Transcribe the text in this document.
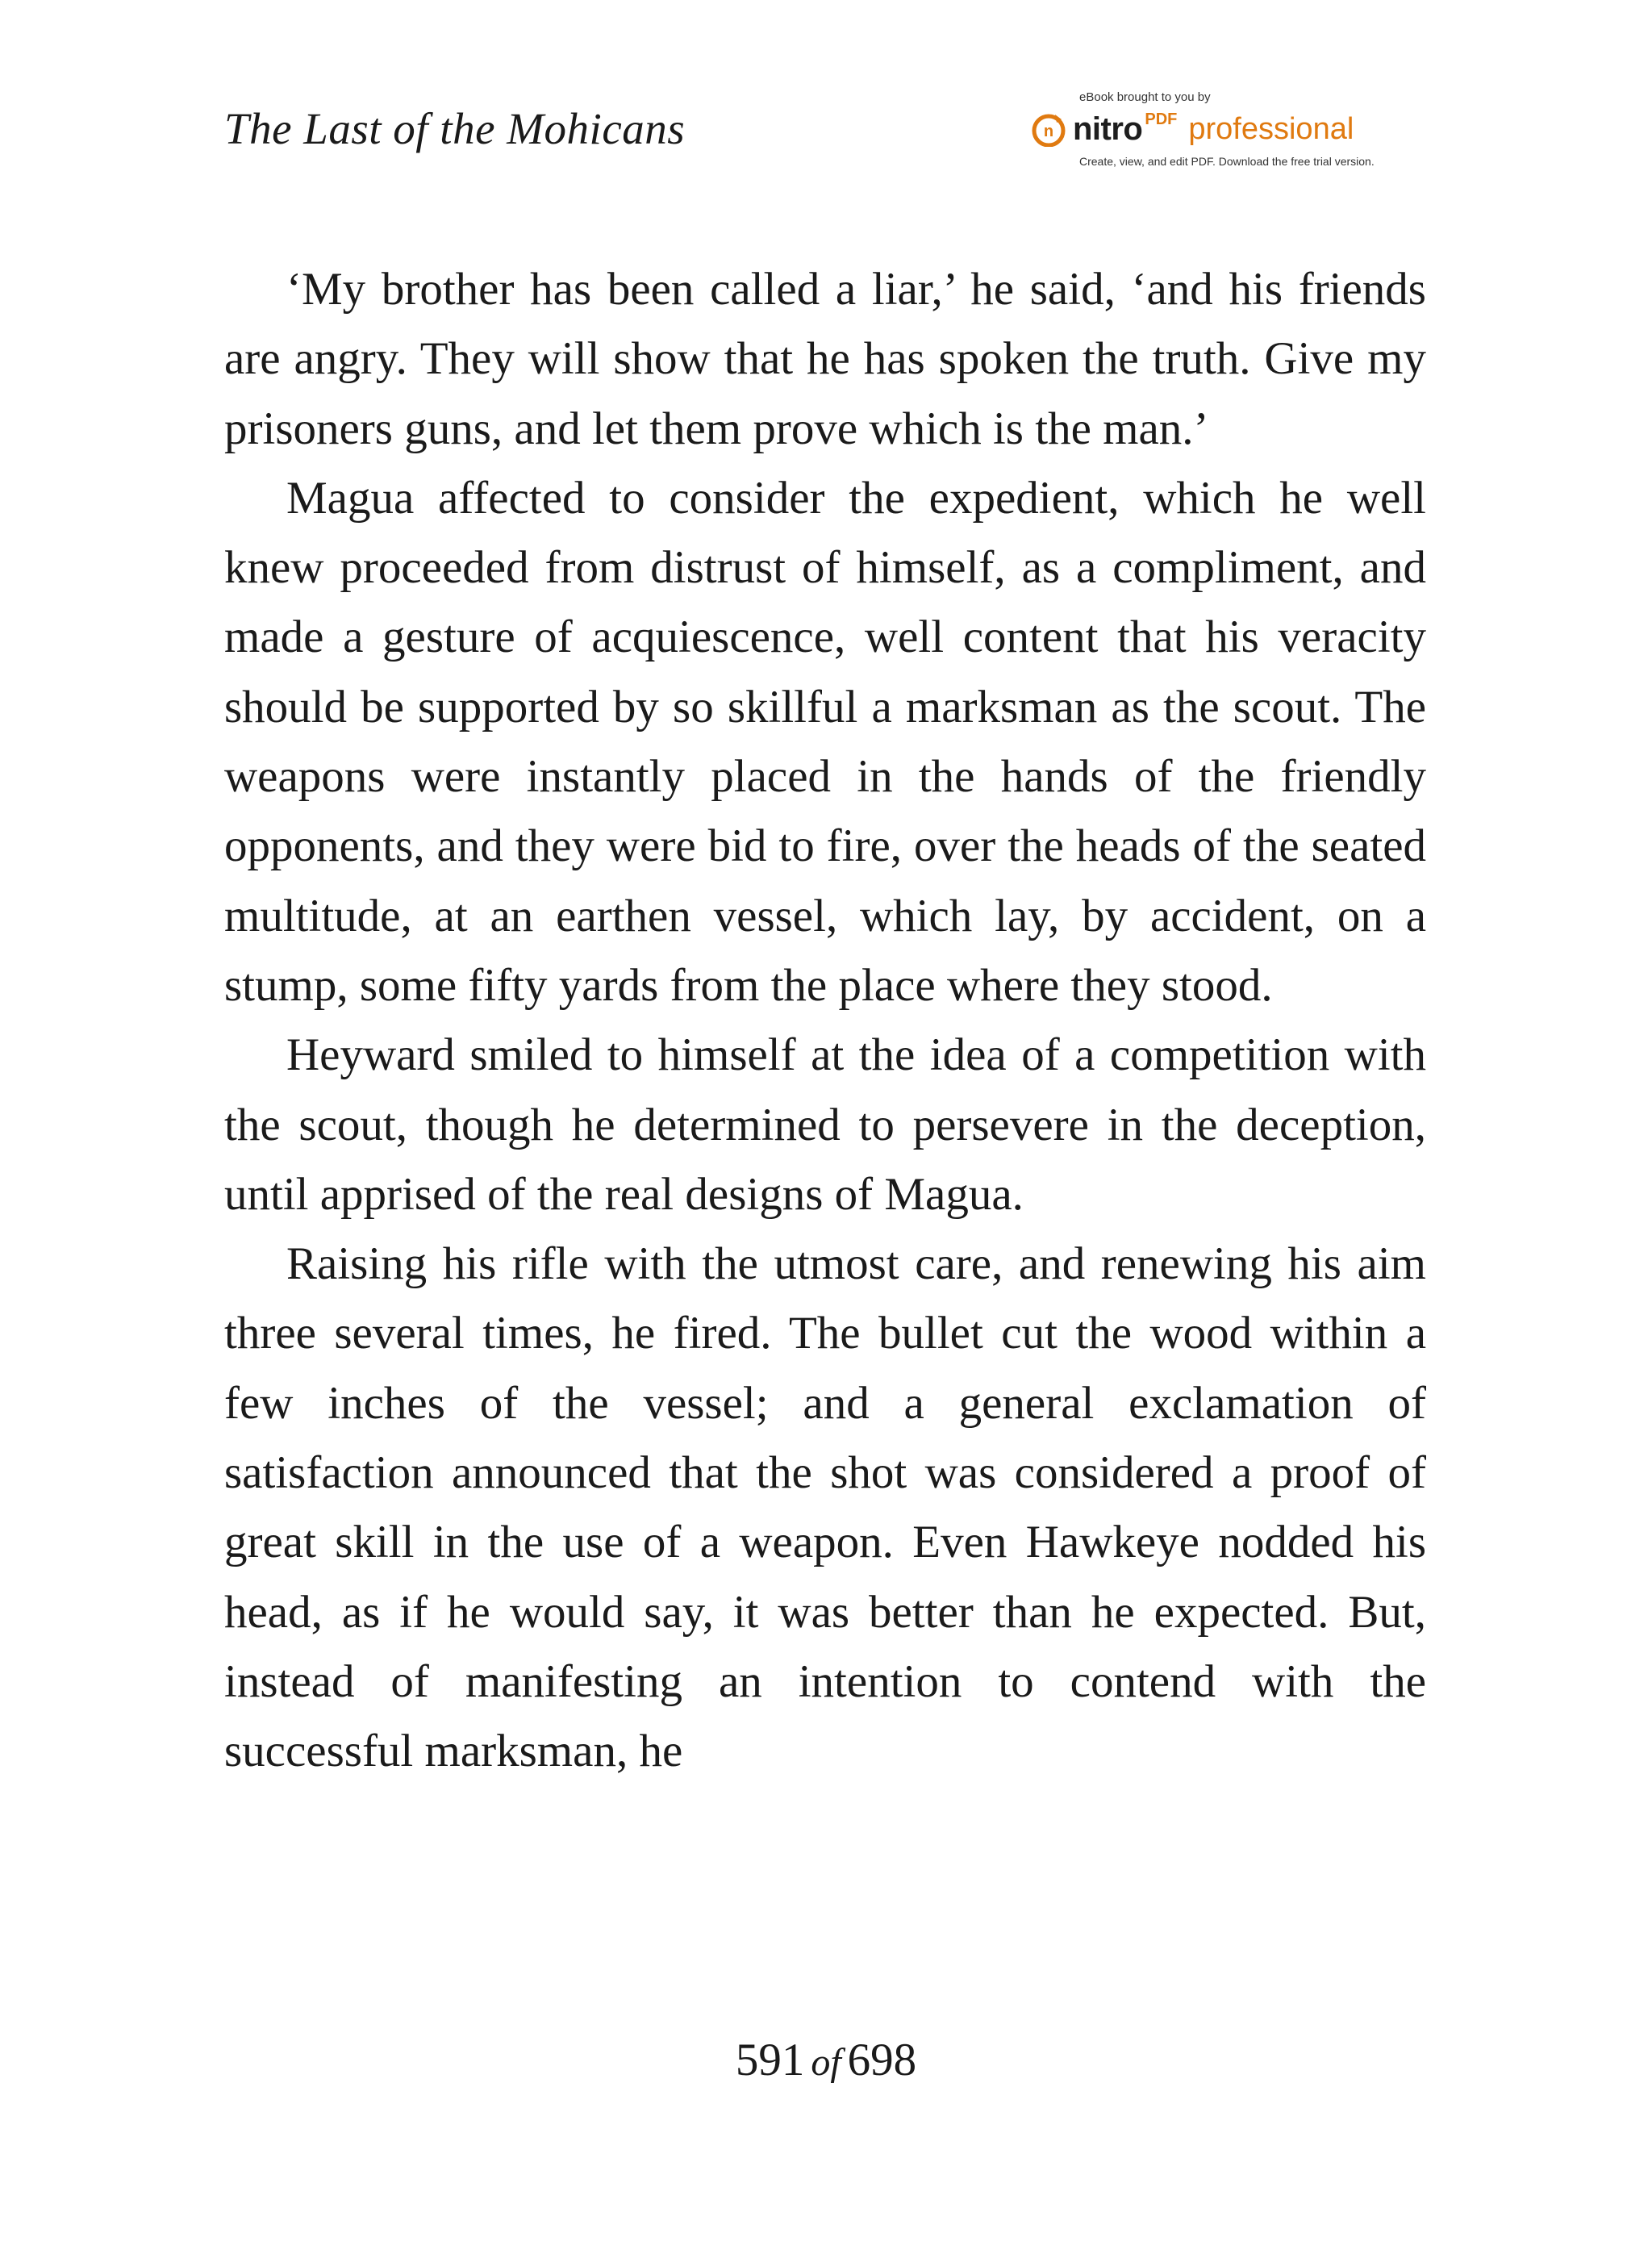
The Last of the Mohicans
eBook brought to you by
n nitro PDF professional
Create, view, and edit PDF. Download the free trial version.

‘My brother has been called a liar,’ he said, ‘and his friends are angry. They will show that he has spoken the truth. Give my prisoners guns, and let them prove which is the man.’

Magua affected to consider the expedient, which he well knew proceeded from distrust of himself, as a compliment, and made a gesture of acquiescence, well content that his veracity should be supported by so skillful a marksman as the scout. The weapons were instantly placed in the hands of the friendly opponents, and they were bid to fire, over the heads of the seated multitude, at an earthen vessel, which lay, by accident, on a stump, some fifty yards from the place where they stood.

Heyward smiled to himself at the idea of a competition with the scout, though he determined to persevere in the deception, until apprised of the real designs of Magua.

Raising his rifle with the utmost care, and renewing his aim three several times, he fired. The bullet cut the wood within a few inches of the vessel; and a general exclamation of satisfaction announced that the shot was considered a proof of great skill in the use of a weapon. Even Hawkeye nodded his head, as if he would say, it was better than he expected. But, instead of manifesting an intention to contend with the successful marksman, he

591 of 698
